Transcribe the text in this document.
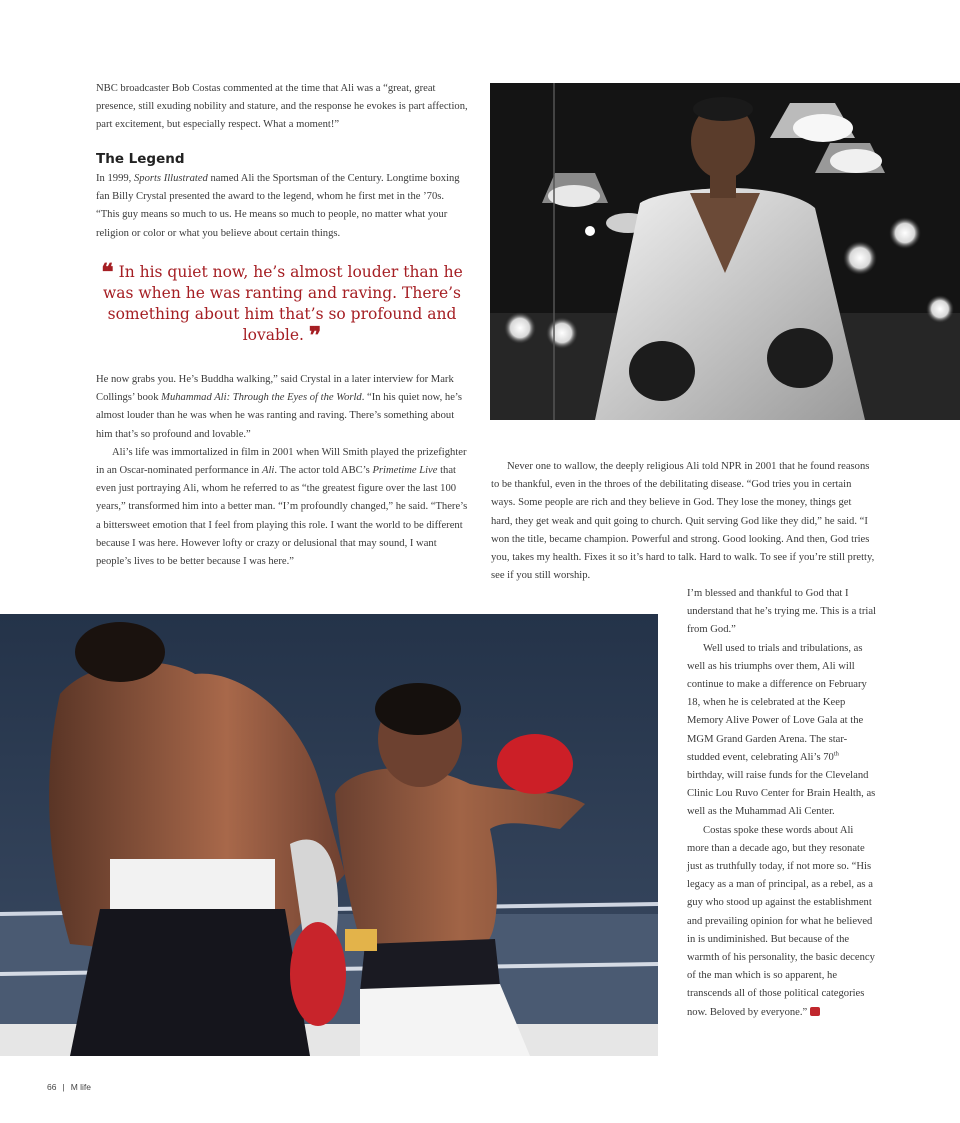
NBC broadcaster Bob Costas commented at the time that Ali was a “great, great presence, still exuding nobility and stature, and the response he evokes is part affection, part excitement, but especially respect. What a moment!”

The Legend

In 1999, Sports Illustrated named Ali the Sportsman of the Century. Longtime boxing fan Billy Crystal presented the award to the legend, whom he first met in the ’70s. “This guy means so much to us. He means so much to people, no matter what your religion or color or what you believe about certain things.

❝ In his quiet now, he’s almost louder than he was when he was ranting and raving. There’s something about him that’s so profound and lovable. ❞

He now grabs you. He’s Buddha walking,” said Crystal in a later interview for Mark Collings’ book Muhammad Ali: Through the Eyes of the World. “In his quiet now, he’s almost louder than he was when he was ranting and raving. There’s something about him that’s so profound and lovable.”

Ali’s life was immortalized in film in 2001 when Will Smith played the prizefighter in an Oscar-nominated performance in Ali. The actor told ABC’s Primetime Live that even just portraying Ali, whom he referred to as “the greatest figure over the last 100 years,” transformed him into a better man. “I’m profoundly changed,” he said. “There’s a bittersweet emotion that I feel from playing this role. I want the world to be different because I was here. However lofty or crazy or delusional that may sound, I want people’s lives to be better because I was here.”

Never one to wallow, the deeply religious Ali told NPR in 2001 that he found reasons to be thankful, even in the throes of the debilitating disease. “God tries you in certain ways. Some people are rich and they believe in God. They lose the money, things get hard, they get weak and quit going to church. Quit serving God like they did,” he said. “I won the title, became champion. Powerful and strong. Good looking. And then, God tries you, takes my health. Fixes it so it’s hard to talk. Hard to walk. To see if you’re still pretty, see if you still worship.

I’m blessed and thankful to God that I understand that he’s trying me. This is a trial from God.”

Well used to trials and tribulations, as well as his triumphs over them, Ali will continue to make a difference on February 18, when he is celebrated at the Keep Memory Alive Power of Love Gala at the MGM Grand Garden Arena. The star-studded event, celebrating Ali’s 70th birthday, will raise funds for the Cleveland Clinic Lou Ruvo Center for Brain Health, as well as the Muhammad Ali Center.

Costas spoke these words about Ali more than a decade ago, but they resonate just as truthfully today, if not more so. “His legacy as a man of principal, as a rebel, as a guy who stood up against the establishment and prevailing opinion for what he believed in is undiminished. But because of the warmth of his personality, the basic decency of the man which is so apparent, he transcends all of those political categories now. Beloved by everyone.”

66 | M life
